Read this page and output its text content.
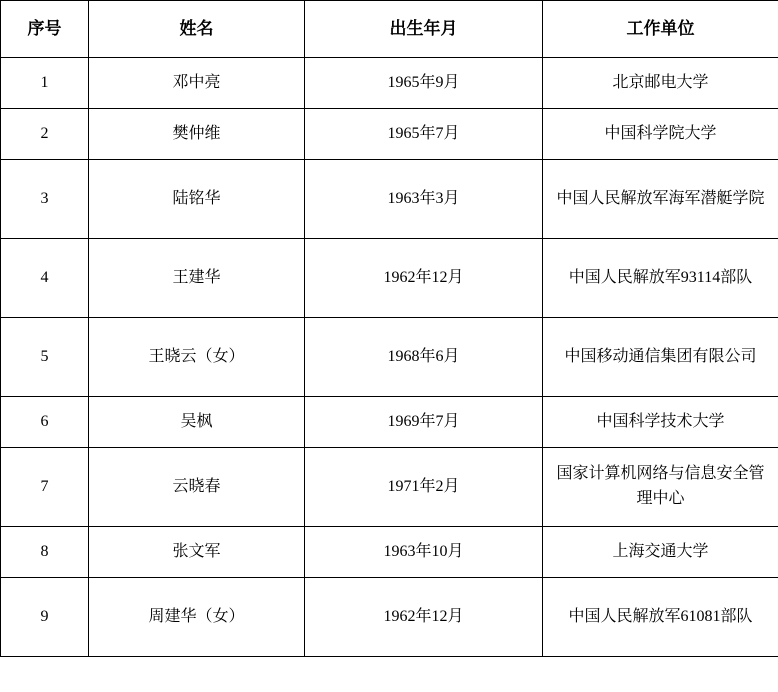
序号	姓名	出生年月	工作单位
1	邓中亮	1965年9月	北京邮电大学
2	樊仲维	1965年7月	中国科学院大学
3	陆铭华	1963年3月	中国人民解放军海军潜艇学院
4	王建华	1962年12月	中国人民解放军93114部队
5	王晓云（女）	1968年6月	中国移动通信集团有限公司
6	吴枫	1969年7月	中国科学技术大学
7	云晓春	1971年2月	国家计算机网络与信息安全管理中心
8	张文军	1963年10月	上海交通大学
9	周建华（女）	1962年12月	中国人民解放军61081部队
